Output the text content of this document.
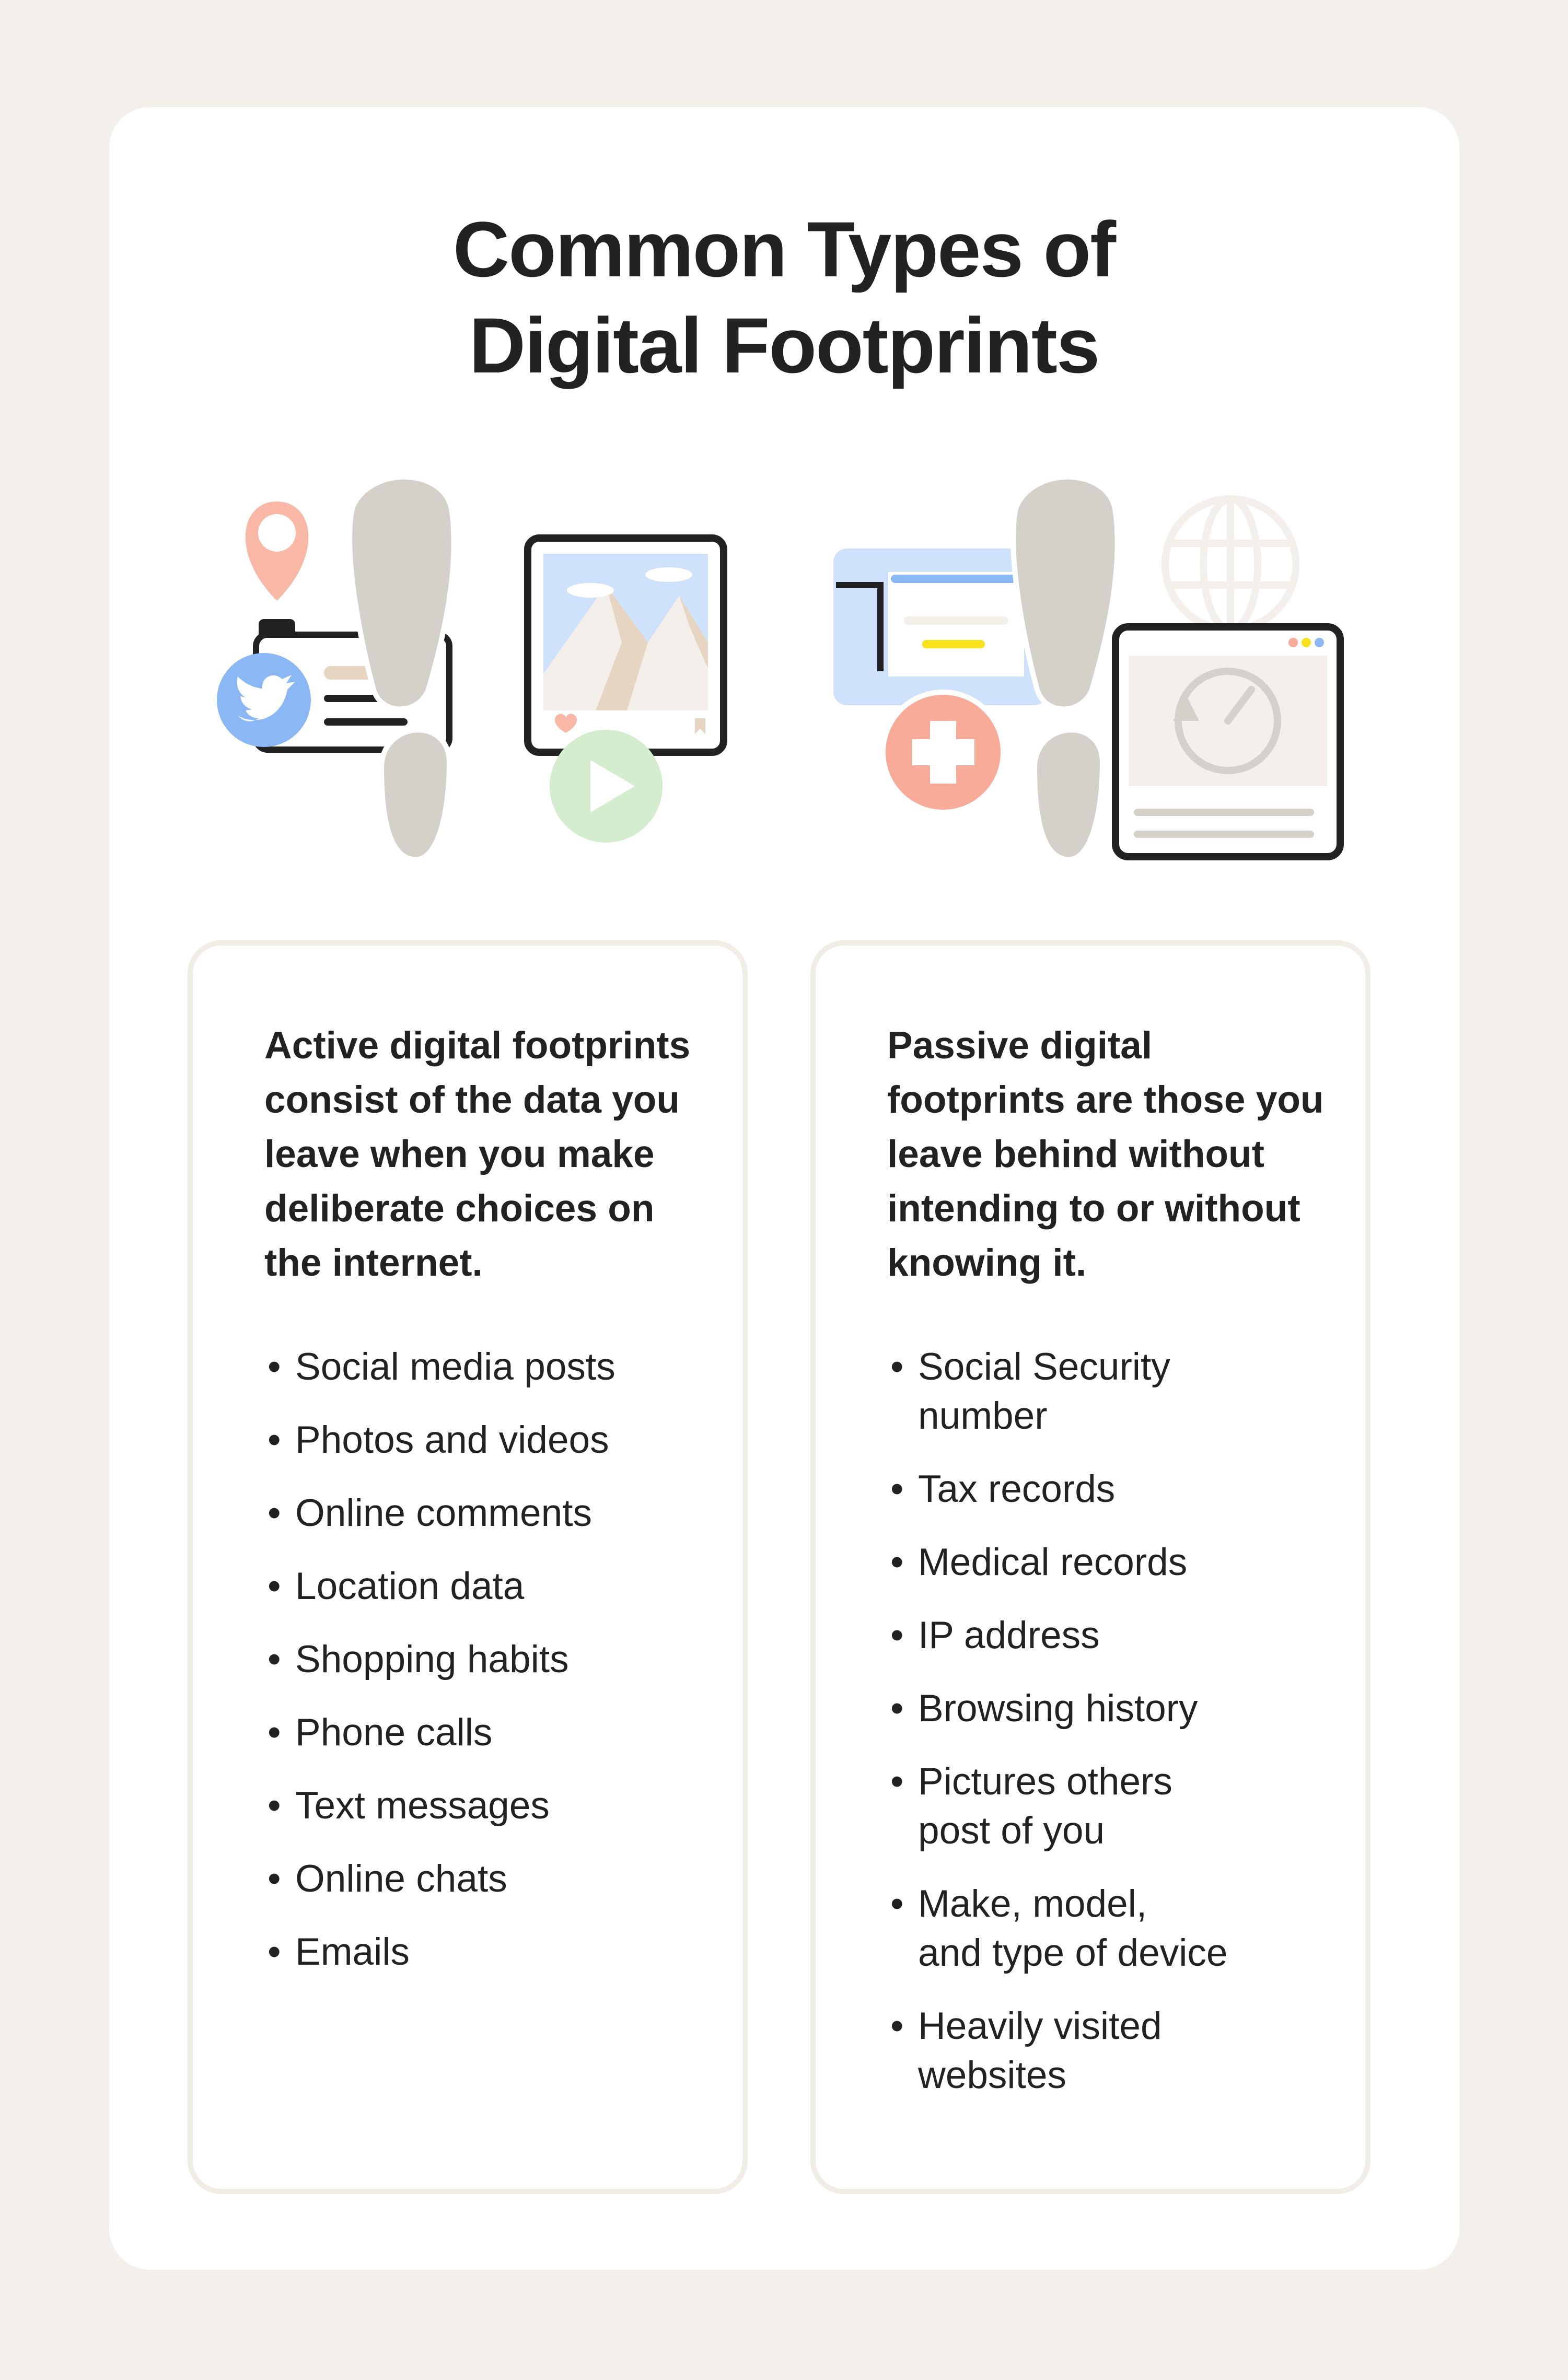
Common Types of
Digital Footprints

Active digital footprints consist of the data you leave when you make deliberate choices on the internet.

• Social media posts
• Photos and videos
• Online comments
• Location data
• Shopping habits
• Phone calls
• Text messages
• Online chats
• Emails

Passive digital footprints are those you leave behind without intending to or without knowing it.

• Social Security
number
• Tax records
• Medical records
• IP address
• Browsing history
• Pictures others
post of you
• Make, model,
and type of device
• Heavily visited
websites
